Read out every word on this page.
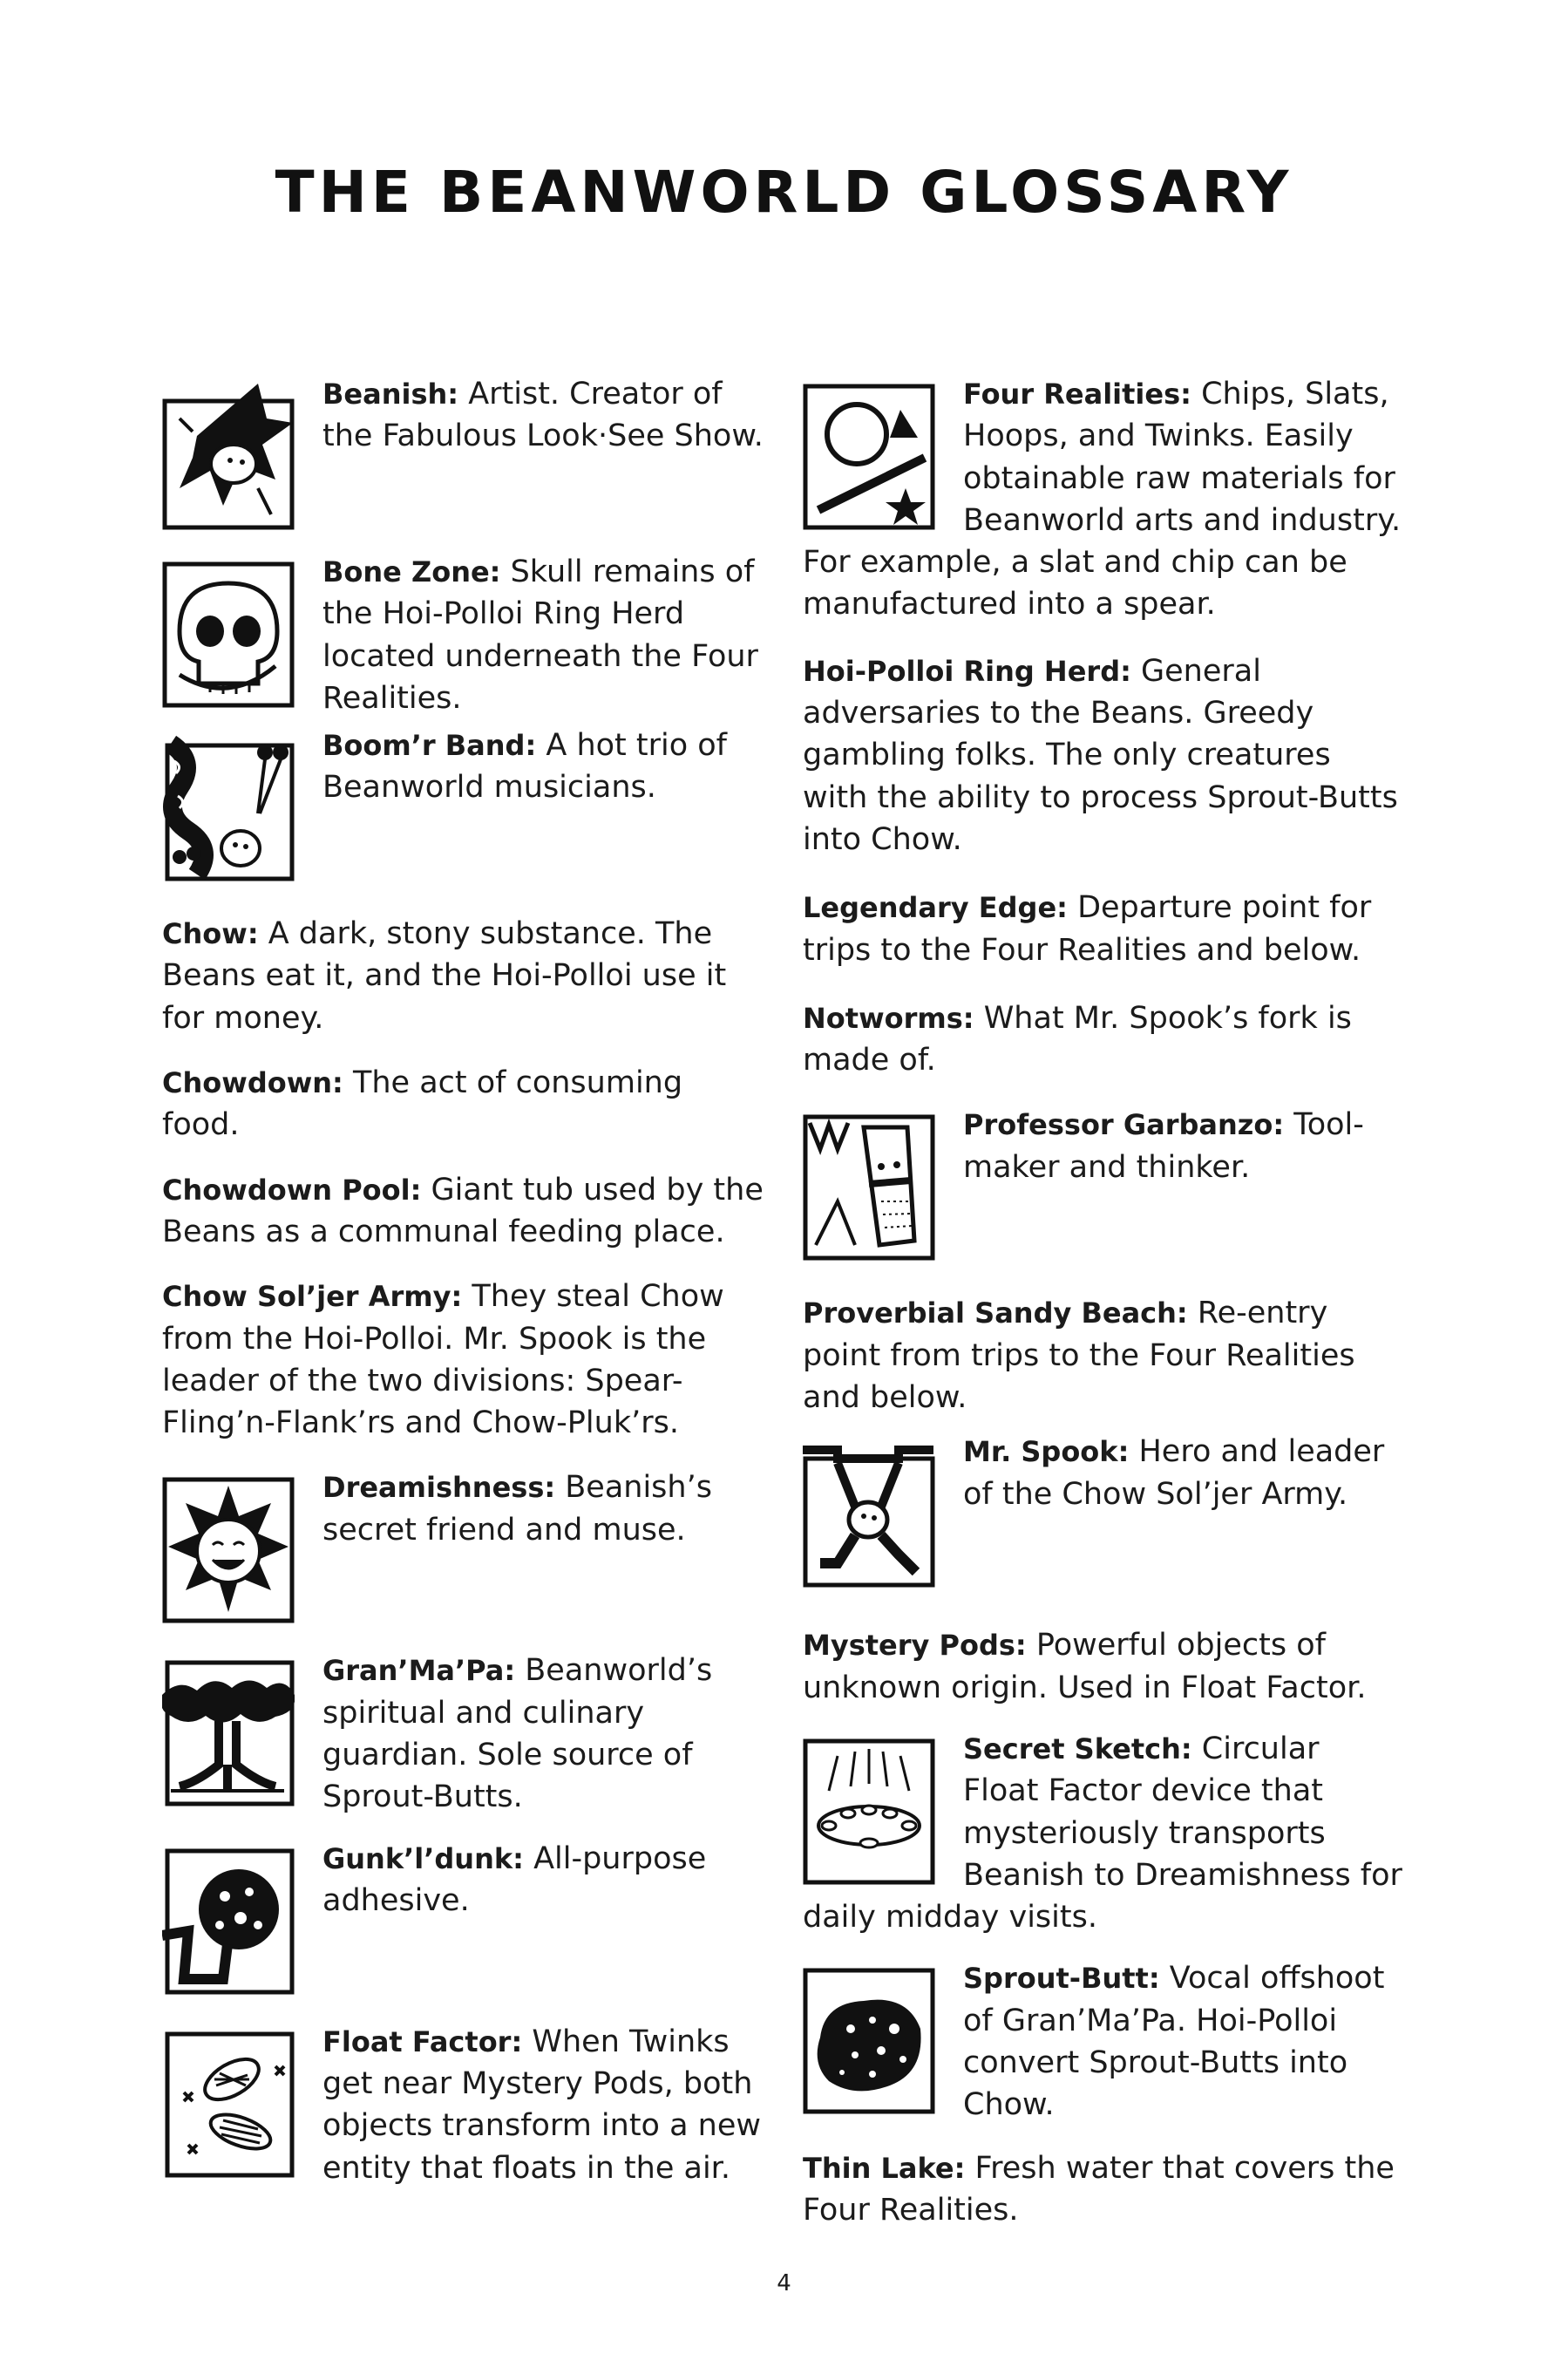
THE BEANWORLD GLOSSARY
Beanish: Artist. Creator of the Fabulous Look·See Show.
Bone Zone: Skull remains of the Hoi-Polloi Ring Herd located underneath the Four Realities.
Boom’r Band: A hot trio of Beanworld musicians.
Chow: A dark, stony substance. The Beans eat it, and the Hoi-Polloi use it for money.
Chowdown: The act of consuming food.
Chowdown Pool: Giant tub used by the Beans as a communal feeding place.
Chow Sol’jer Army: They steal Chow from the Hoi-Polloi. Mr. Spook is the leader of the two divisions: Spear-Fling’n-Flank’rs and Chow-Pluk’rs.
Dreamishness: Beanish’s secret friend and muse.
Gran’Ma’Pa: Beanworld’s spiritual and culinary guardian. Sole source of Sprout-Butts.
Gunk’l’dunk: All-purpose adhesive.
Float Factor: When Twinks get near Mystery Pods, both objects transform into a new entity that floats in the air.
Four Realities: Chips, Slats, Hoops, and Twinks. Easily obtainable raw materials for Beanworld arts and industry. For example, a slat and chip can be manufactured into a spear.
Hoi-Polloi Ring Herd: General adversaries to the Beans. Greedy gambling folks. The only creatures with the ability to process Sprout-Butts into Chow.
Legendary Edge: Departure point for trips to the Four Realities and below.
Notworms: What Mr. Spook’s fork is made of.
Professor Garbanzo: Tool-maker and thinker.
Proverbial Sandy Beach: Re-entry point from trips to the Four Realities and below.
Mr. Spook: Hero and leader of the Chow Sol’jer Army.
Mystery Pods: Powerful objects of unknown origin. Used in Float Factor.
Secret Sketch: Circular Float Factor device that mysteriously transports Beanish to Dreamishness for daily midday visits.
Sprout-Butt: Vocal offshoot of Gran’Ma’Pa. Hoi-Polloi convert Sprout-Butts into Chow.
Thin Lake: Fresh water that covers the Four Realities.

4
